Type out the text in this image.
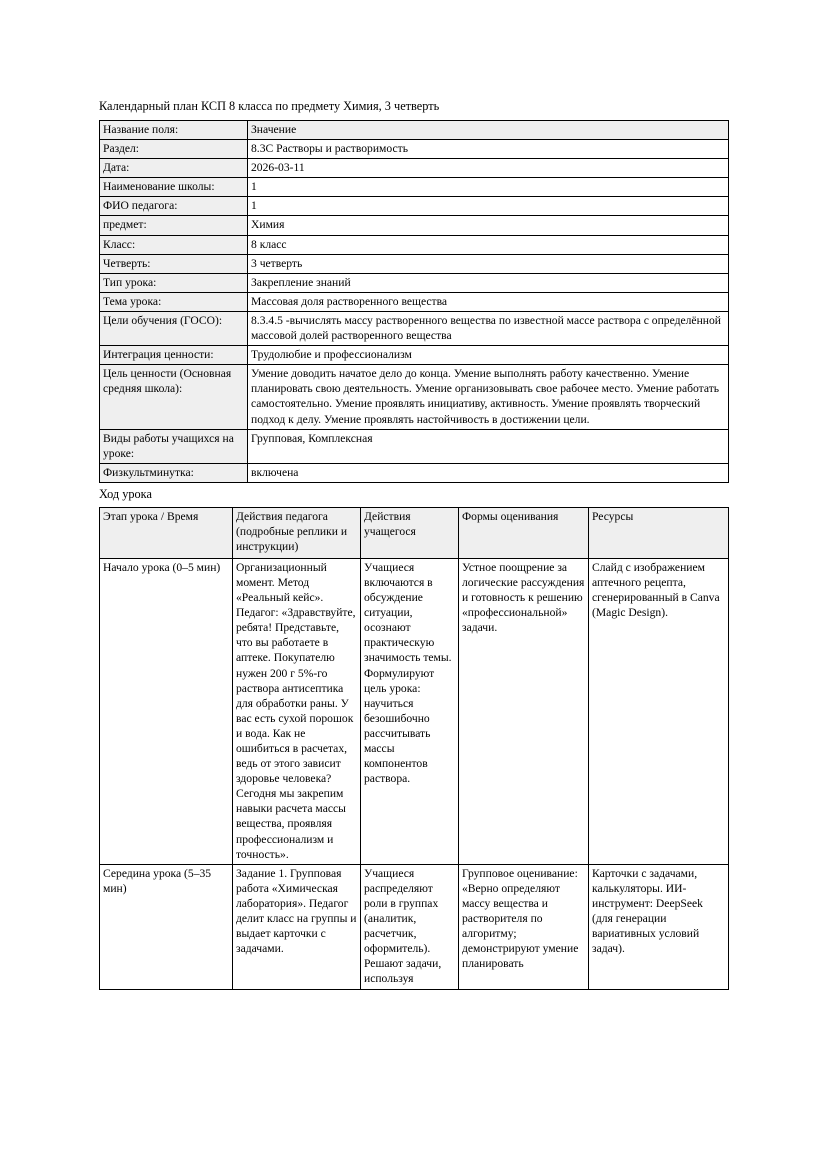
Календарный план КСП 8 класса по предмету Химия, 3 четверть

Название поля:	Значение
Раздел:	8.3C Растворы и растворимость
Дата:	2026-03-11
Наименование школы:	1
ФИО педагога:	1
предмет:	Химия
Класс:	8 класс
Четверть:	3 четверть
Тип урока:	Закрепление знаний
Тема урока:	Массовая доля растворенного вещества
Цели обучения (ГОСО):	8.3.4.5 -вычислять массу растворенного вещества по известной массе раствора с определённой массовой долей растворенного вещества
Интеграция ценности:	Трудолюбие и профессионализм
Цель ценности (Основная средняя школа):	Умение доводить начатое дело до конца. Умение выполнять работу качественно. Умение планировать свою деятельность. Умение организовывать свое рабочее место. Умение работать самостоятельно. Умение проявлять инициативу, активность. Умение проявлять творческий подход к делу. Умение проявлять настойчивость в достижении цели.
Виды работы учащихся на уроке:	Групповая, Комплексная
Физкультминутка:	включена

Ход урока

Этап урока / Время	Действия педагога (подробные реплики и инструкции)	Действия учащегося	Формы оценивания	Ресурсы
Начало урока (0–5 мин)	Организационный момент. Метод «Реальный кейс». Педагог: «Здравствуйте, ребята! Представьте, что вы работаете в аптеке. Покупателю нужен 200 г 5%-го раствора антисептика для обработки раны. У вас есть сухой порошок и вода. Как не ошибиться в расчетах, ведь от этого зависит здоровье человека? Сегодня мы закрепим навыки расчета массы вещества, проявляя профессионализм и точность».	Учащиеся включаются в обсуждение ситуации, осознают практическую значимость темы. Формулируют цель урока: научиться безошибочно рассчитывать массы компонентов раствора.	Устное поощрение за логические рассуждения и готовность к решению «профессиональной» задачи.	Слайд с изображением аптечного рецепта, сгенерированный в Canva (Magic Design).
Середина урока (5–35 мин)	Задание 1. Групповая работа «Химическая лаборатория». Педагог делит класс на группы и выдает карточки с задачами.	Учащиеся распределяют роли в группах (аналитик, расчетчик, оформитель). Решают задачи, используя	Групповое оценивание: «Верно определяют массу вещества и растворителя по алгоритму; демонстрируют умение планировать	Карточки с задачами, калькуляторы. ИИ-инструмент: DeepSeek (для генерации вариативных условий задач).
